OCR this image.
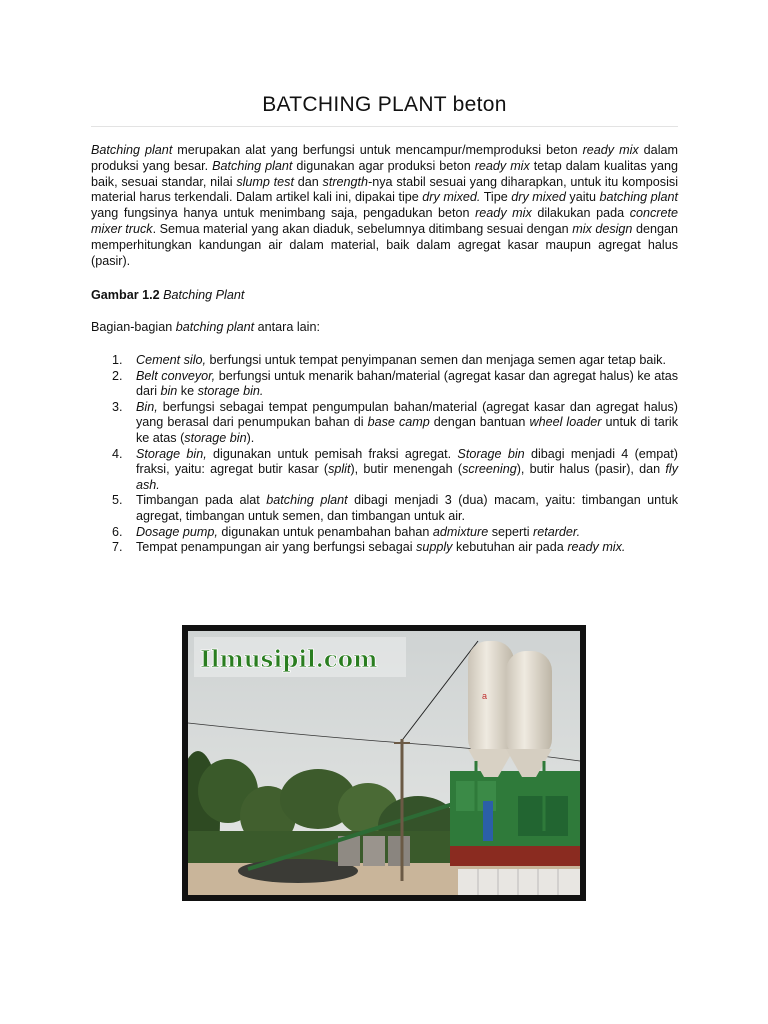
BATCHING PLANT beton

Batching plant merupakan alat yang berfungsi untuk mencampur/memproduksi beton ready mix dalam produksi yang besar. Batching plant digunakan agar produksi beton ready mix tetap dalam kualitas yang baik, sesuai standar, nilai slump test dan strength-nya stabil sesuai yang diharapkan, untuk itu komposisi material harus terkendali. Dalam artikel kali ini, dipakai tipe dry mixed. Tipe dry mixed yaitu batching plant yang fungsinya hanya untuk menimbang saja, pengadukan beton ready mix dilakukan pada concrete mixer truck. Semua material yang akan diaduk, sebelumnya ditimbang sesuai dengan mix design dengan memperhitungkan kandungan air dalam material, baik dalam agregat kasar maupun agregat halus (pasir).

Gambar 1.2 Batching Plant

Bagian-bagian batching plant antara lain:

1.	Cement silo, berfungsi untuk tempat penyimpanan semen dan menjaga semen agar tetap baik.
2.	Belt conveyor, berfungsi untuk menarik bahan/material (agregat kasar dan agregat halus) ke atas dari bin ke storage bin.
3.	Bin, berfungsi sebagai tempat pengumpulan bahan/material (agregat kasar dan agregat halus) yang berasal dari penumpukan bahan di base camp dengan bantuan wheel loader untuk di tarik ke atas (storage bin).
4.	Storage bin, digunakan untuk pemisah fraksi agregat. Storage bin dibagi menjadi 4 (empat) fraksi, yaitu: agregat butir kasar (split), butir menengah (screening), butir halus (pasir), dan fly ash.
5.	Timbangan pada alat batching plant dibagi menjadi 3 (dua) macam, yaitu: timbangan untuk agregat, timbangan untuk semen, dan timbangan untuk air.
6.	Dosage pump, digunakan untuk penambahan bahan admixture seperti retarder.
7.	Tempat penampungan air yang berfungsi sebagai supply kebutuhan air pada ready mix.
a
Ilmusipil.com
